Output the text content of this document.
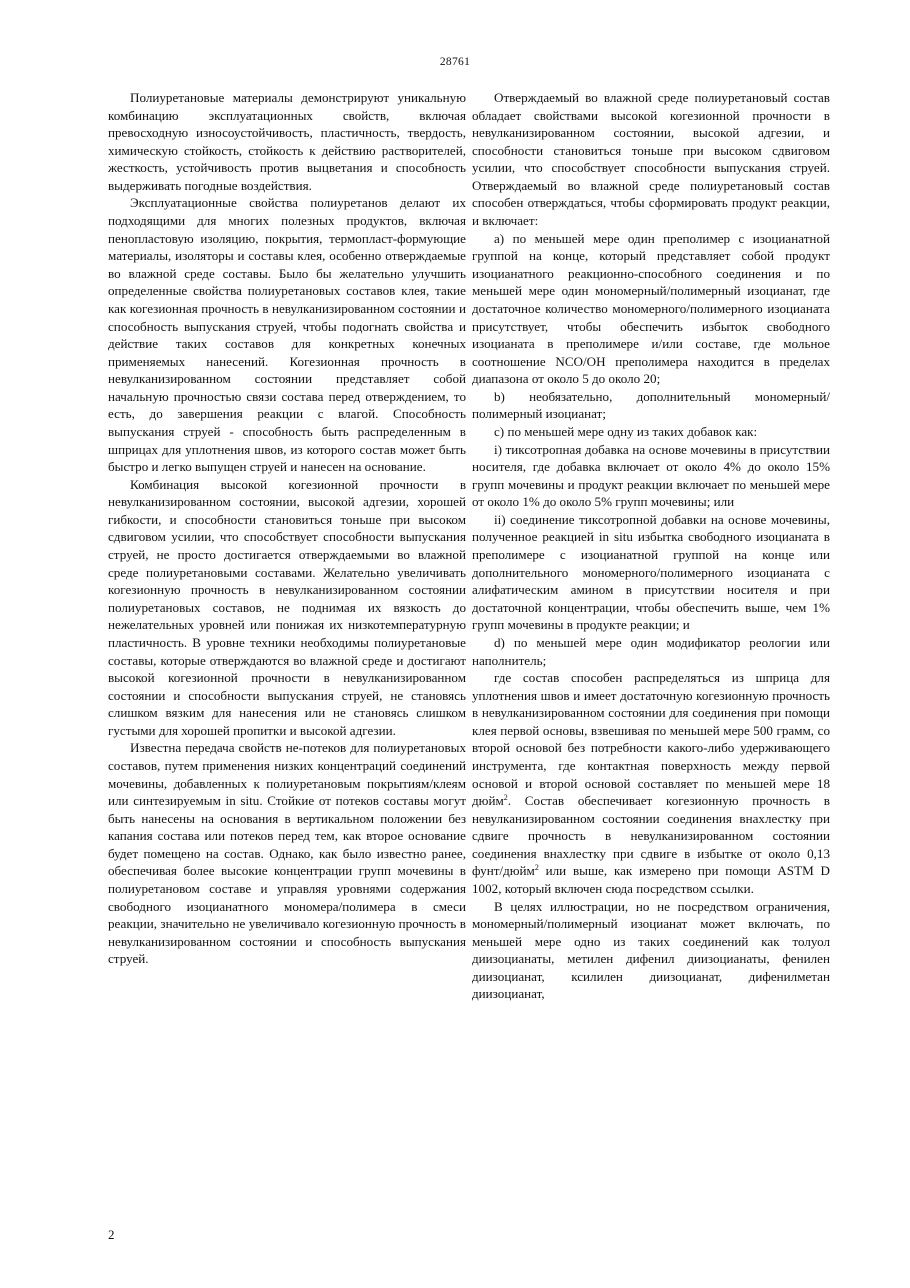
28761

Полиуретановые материалы демонстрируют уникальную комбинацию эксплуатационных свойств, включая превосходную износоустойчивость, пластичность, твердость, химическую стойкость, стойкость к действию растворителей, жесткость, устойчивость против выцветания и способность выдерживать погодные воздействия.

Эксплуатационные свойства полиуретанов делают их подходящими для многих полезных продуктов, включая пенопластовую изоляцию, покрытия, термопласт-формующие материалы, изоляторы и составы клея, особенно отверждаемые во влажной среде составы. Было бы желательно улучшить определенные свойства полиуретановых составов клея, такие как когезионная прочность в невулканизированном состоянии и способность выпускания струей, чтобы подогнать свойства и действие таких составов для конкретных конечных применяемых нанесений. Когезионная прочность в невулканизированном состоянии представляет собой начальную прочностью связи состава перед отверждением, то есть, до завершения реакции с влагой. Способность выпускания струей - способность быть распределенным в шприцах для уплотнения швов, из которого состав может быть быстро и легко выпущен струей и нанесен на основание.

Комбинация высокой когезионной прочности в невулканизированном состоянии, высокой адгезии, хорошей гибкости, и способности становиться тоньше при высоком сдвиговом усилии, что способствует способности выпускания струей, не просто достигается отверждаемыми во влажной среде полиуретановыми составами. Желательно увеличивать когезионную прочность в невулканизированном состоянии полиуретановых составов, не поднимая их вязкость до нежелательных уровней или понижая их низкотемпературную пластичность. В уровне техники необходимы полиуретановые составы, которые отверждаются во влажной среде и достигают высокой когезионной прочности в невулканизированном состоянии и способности выпускания струей, не становясь слишком вязким для нанесения или не становясь слишком густыми для хорошей пропитки и высокой адгезии.

Известна передача свойств не-потеков для полиуретановых составов, путем применения низких концентраций соединений мочевины, добавленных к полиуретановым покрытиям/клеям или синтезируемым in situ. Стойкие от потеков составы могут быть нанесены на основания в вертикальном положении без капания состава или потеков перед тем, как второе основание будет помещено на состав. Однако, как было известно ранее, обеспечивая более высокие концентрации групп мочевины в полиуретановом составе и управляя уровнями содержания свободного изоцианатного мономера/полимера в смеси реакции, значительно не увеличивало когезионную прочность в невулканизированном состоянии и способность выпускания струей.

Отверждаемый во влажной среде полиуретановый состав обладает свойствами высокой когезионной прочности в невулканизированном состоянии, высокой адгезии, и способности становиться тоньше при высоком сдвиговом усилии, что способствует способности выпускания струей. Отверждаемый во влажной среде полиуретановый состав способен отверждаться, чтобы сформировать продукт реакции, и включает:

a) по меньшей мере один преполимер с изоцианатной группой на конце, который представляет собой продукт изоцианатного реакционно-способного соединения и по меньшей мере один мономерный/полимерный изоцианат, где достаточное количество мономерного/полимерного изоцианата присутствует, чтобы обеспечить избыток свободного изоцианата в преполимере и/или составе, где мольное соотношение NCO/OH преполимера находится в пределах диапазона от около 5 до около 20;

b) необязательно, дополнительный мономерный/полимерный изоцианат;

c) по меньшей мере одну из таких добавок как:

i) тиксотропная добавка на основе мочевины в присутствии носителя, где добавка включает от около 4% до около 15% групп мочевины и продукт реакции включает по меньшей мере от около 1% до около 5% групп мочевины; или

ii) соединение тиксотропной добавки на основе мочевины, полученное реакцией in situ избытка свободного изоцианата в преполимере с изоцианатной группой на конце или дополнительного мономерного/полимерного изоцианата с алифатическим амином в присутствии носителя и при достаточной концентрации, чтобы обеспечить выше, чем 1% групп мочевины в продукте реакции; и

d) по меньшей мере один модификатор реологии или наполнитель;

где состав способен распределяться из шприца для уплотнения швов и имеет достаточную когезионную прочность в невулканизированном состоянии для соединения при помощи клея первой основы, взвешивая по меньшей мере 500 грамм, со второй основой без потребности какого-либо удерживающего инструмента, где контактная поверхность между первой основой и второй основой составляет по меньшей мере 18 дюйм$^2$. Состав обеспечивает когезионную прочность в невулканизированном состоянии соединения внахлестку при сдвиге прочность в невулканизированном состоянии соединения внахлестку при сдвиге в избытке от около 0,13 фунт/дюйм$^2$ или выше, как измерено при помощи ASTM D 1002, который включен сюда посредством ссылки.

В целях иллюстрации, но не посредством ограничения, мономерный/полимерный изоцианат может включать, по меньшей мере одно из таких соединений как толуол диизоцианаты, метилен дифенил диизоцианаты, фенилен диизоцианат, ксилилен диизоцианат, дифенилметан диизоцианат,

2
